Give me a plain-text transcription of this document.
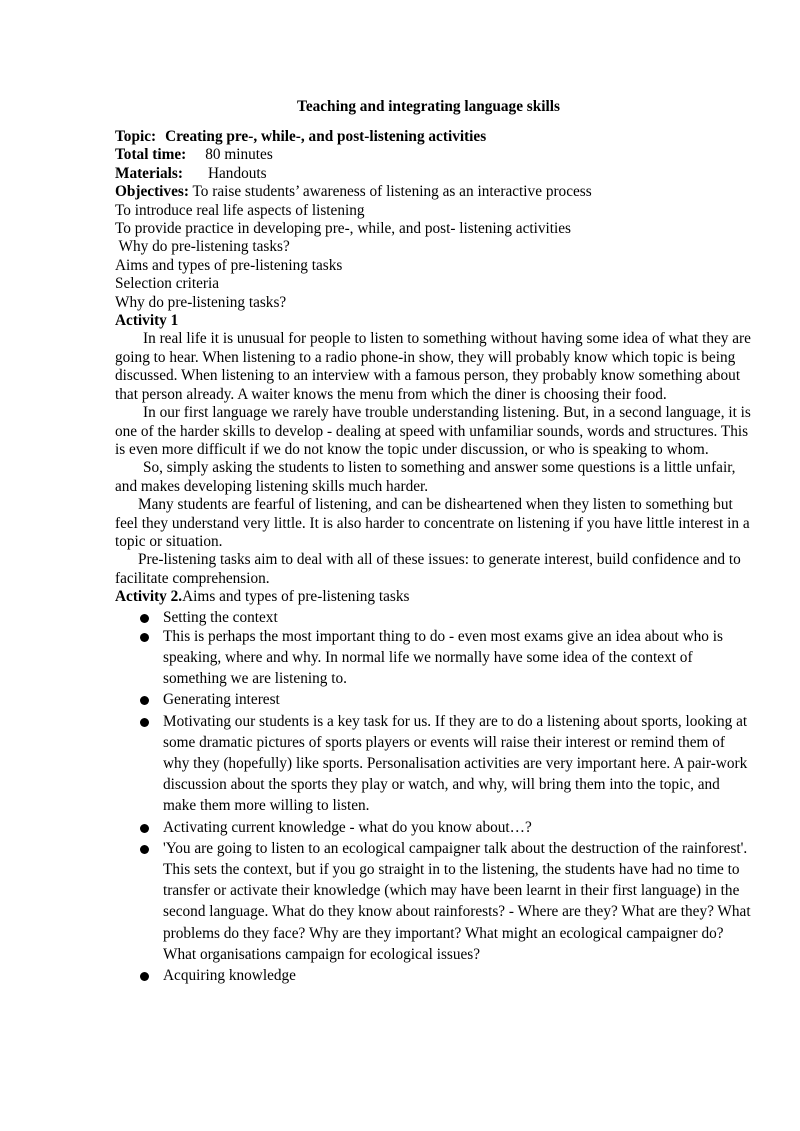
Teaching and integrating language skills
Topic: Creating pre-, while-, and post-listening activities
Total time: 80 minutes
Materials: Handouts
Objectives: To raise students’ awareness of listening as an interactive process
To introduce real life aspects of listening
To provide practice in developing pre-, while, and post- listening activities
Why do pre-listening tasks?
Aims and types of pre-listening tasks
Selection criteria
Why do pre-listening tasks?
Activity 1

In real life it is unusual for people to listen to something without having some idea of what they are going to hear. When listening to a radio phone-in show, they will probably know which topic is being discussed. When listening to an interview with a famous person, they probably know something about that person already. A waiter knows the menu from which the diner is choosing their food.

In our first language we rarely have trouble understanding listening. But, in a second language, it is one of the harder skills to develop - dealing at speed with unfamiliar sounds, words and structures. This is even more difficult if we do not know the topic under discussion, or who is speaking to whom.

So, simply asking the students to listen to something and answer some questions is a little unfair, and makes developing listening skills much harder.

Many students are fearful of listening, and can be disheartened when they listen to something but feel they understand very little. It is also harder to concentrate on listening if you have little interest in a topic or situation.

Pre-listening tasks aim to deal with all of these issues: to generate interest, build confidence and to facilitate comprehension.

Activity 2.Aims and types of pre-listening tasks
Setting the context
This is perhaps the most important thing to do - even most exams give an idea about who is speaking, where and why. In normal life we normally have some idea of the context of something we are listening to.
Generating interest
Motivating our students is a key task for us. If they are to do a listening about sports, looking at some dramatic pictures of sports players or events will raise their interest or remind them of why they (hopefully) like sports. Personalisation activities are very important here. A pair-work discussion about the sports they play or watch, and why, will bring them into the topic, and make them more willing to listen.
Activating current knowledge - what do you know about…?
'You are going to listen to an ecological campaigner talk about the destruction of the rainforest'. This sets the context, but if you go straight in to the listening, the students have had no time to transfer or activate their knowledge (which may have been learnt in their first language) in the second language. What do they know about rainforests? - Where are they? What are they? What problems do they face? Why are they important? What might an ecological campaigner do? What organisations campaign for ecological issues?
Acquiring knowledge
